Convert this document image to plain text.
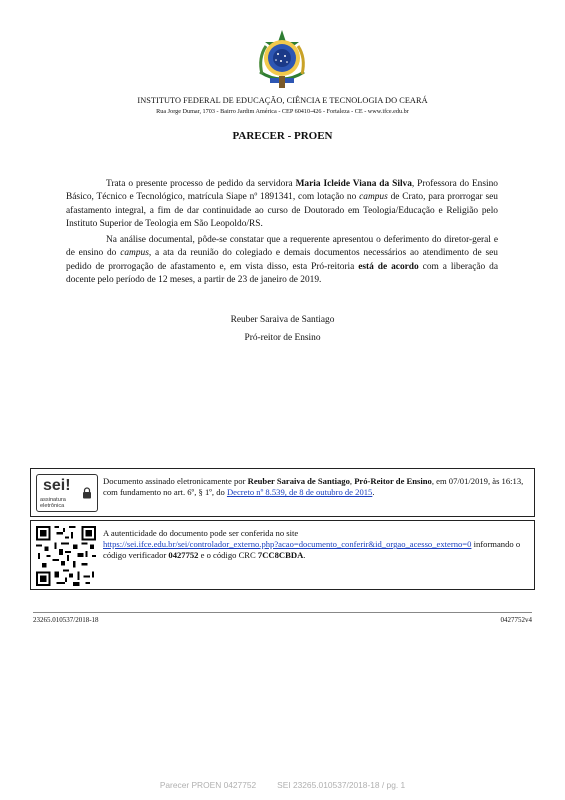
INSTITUTO FEDERAL DE EDUCAÇÃO, CIÊNCIA E TECNOLOGIA DO CEARÁ
Rua Jorge Dumar, 1703 - Bairro Jardim América - CEP 60410-426 - Fortaleza - CE - www.ifce.edu.br
PARECER - PROEN
Trata o presente processo de pedido da servidora Maria Icleide Viana da Silva, Professora do Ensino Básico, Técnico e Tecnológico, matrícula Siape nº 1891341, com lotação no campus de Crato, para prorrogar seu afastamento integral, a fim de dar continuidade ao curso de Doutorado em Teologia/Educação e Religião pelo Instituto Superior de Teologia em São Leopoldo/RS.
Na análise documental, pôde-se constatar que a requerente apresentou o deferimento do diretor-geral e de ensino do campus, a ata da reunião do colegiado e demais documentos necessários ao atendimento de seu pedido de prorrogação de afastamento e, em vista disso, esta Pró-reitoria está de acordo com a liberação da docente pelo período de 12 meses, a partir de 23 de janeiro de 2019.
Reuber Saraiva de Santiago
Pró-reitor de Ensino
sei!
assinatura
eletrônica
Documento assinado eletronicamente por Reuber Saraiva de Santiago, Pró-Reitor de Ensino, em 07/01/2019, às 16:13, com fundamento no art. 6º, § 1º, do Decreto nº 8.539, de 8 de outubro de 2015.
A autenticidade do documento pode ser conferida no site
https://sei.ifce.edu.br/sei/controlador_externo.php?acao=documento_conferir&id_orgao_acesso_externo=0 informando o código verificador 0427752 e o código CRC 7CC8CBDA.
23265.010537/2018-18	0427752v4
Parecer PROEN 0427752         SEI 23265.010537/2018-18 / pg. 1
